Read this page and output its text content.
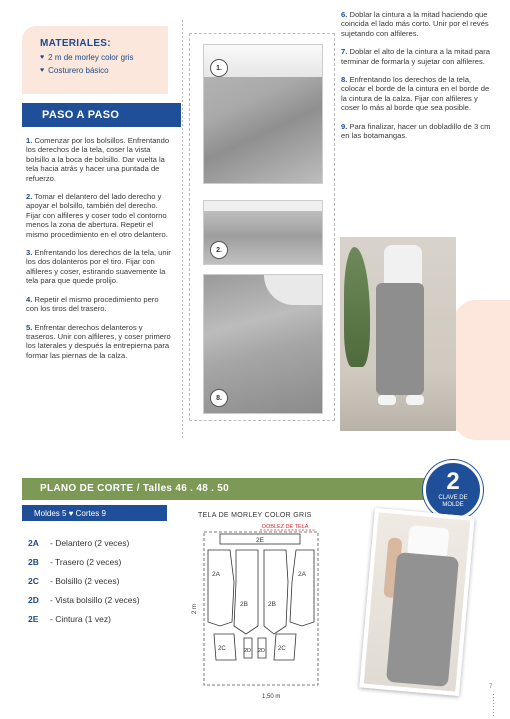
MATERIALES:
♥ 2 m de morley color gris
♥ Costurero básico
PASO A PASO

1. Comenzar por los bolsillos. Enfrentando los derechos de la tela, coser la vista bolsillo a la boca de bolsillo. Dar vuelta la tela hacia atrás y hacer una puntada de refuerzo.

2. Tomar el delantero del lado derecho y apoyar el bolsillo, también del derecho. Fijar con alfileres y coser todo el contorno menos la zona de abertura. Repetir el mismo procedimiento en el otro delantero.

3. Enfrentando los derechos de la tela, unir los dos dolanteros por el tiro. Fijar con alfileres y coser, estirando suavemente la tela para que quede prolijo.

4. Repetir el mismo procedimiento pero con los tiros del trasero.

5. Enfrentar derechos delanteros y traseros. Unir con alfileres, y coser primero los laterales y después la entrepierna para formar las piernas de la calza.

1.
2.
8.

6. Doblar la cintura a la mitad haciendo que coincida el lado más corto. Unir por el revés sujetando con alfileres.

7. Doblar el alto de la cintura a la mitad para terminar de formarla y sujetar con alfileres.

8. Enfrentando los derechos de la tela, colocar el borde de la cintura en el borde de la cintura de la calza. Fijar con alfileres y coser lo más al borde que sea posible.

9. Para finalizar, hacer un dobladillo de 3 cm en las botamangas.

PLANO DE CORTE / Talles 46 . 48 . 50	2
CLAVE DE
MOLDE
Moldes 5 ♥ Cortes 9
2A - Delantero (2 veces)
2B - Trasero (2 veces)
2C - Bolsillo (2 veces)
2D - Vista bolsillo (2 veces)
2E - Cintura (1 vez)
TELA DE MORLEY COLOR GRIS
DOBLEZ DE TELA
2E
2A	2A
2B	2B
2C	2D 2D 2C
2 m
1,50 m
7
